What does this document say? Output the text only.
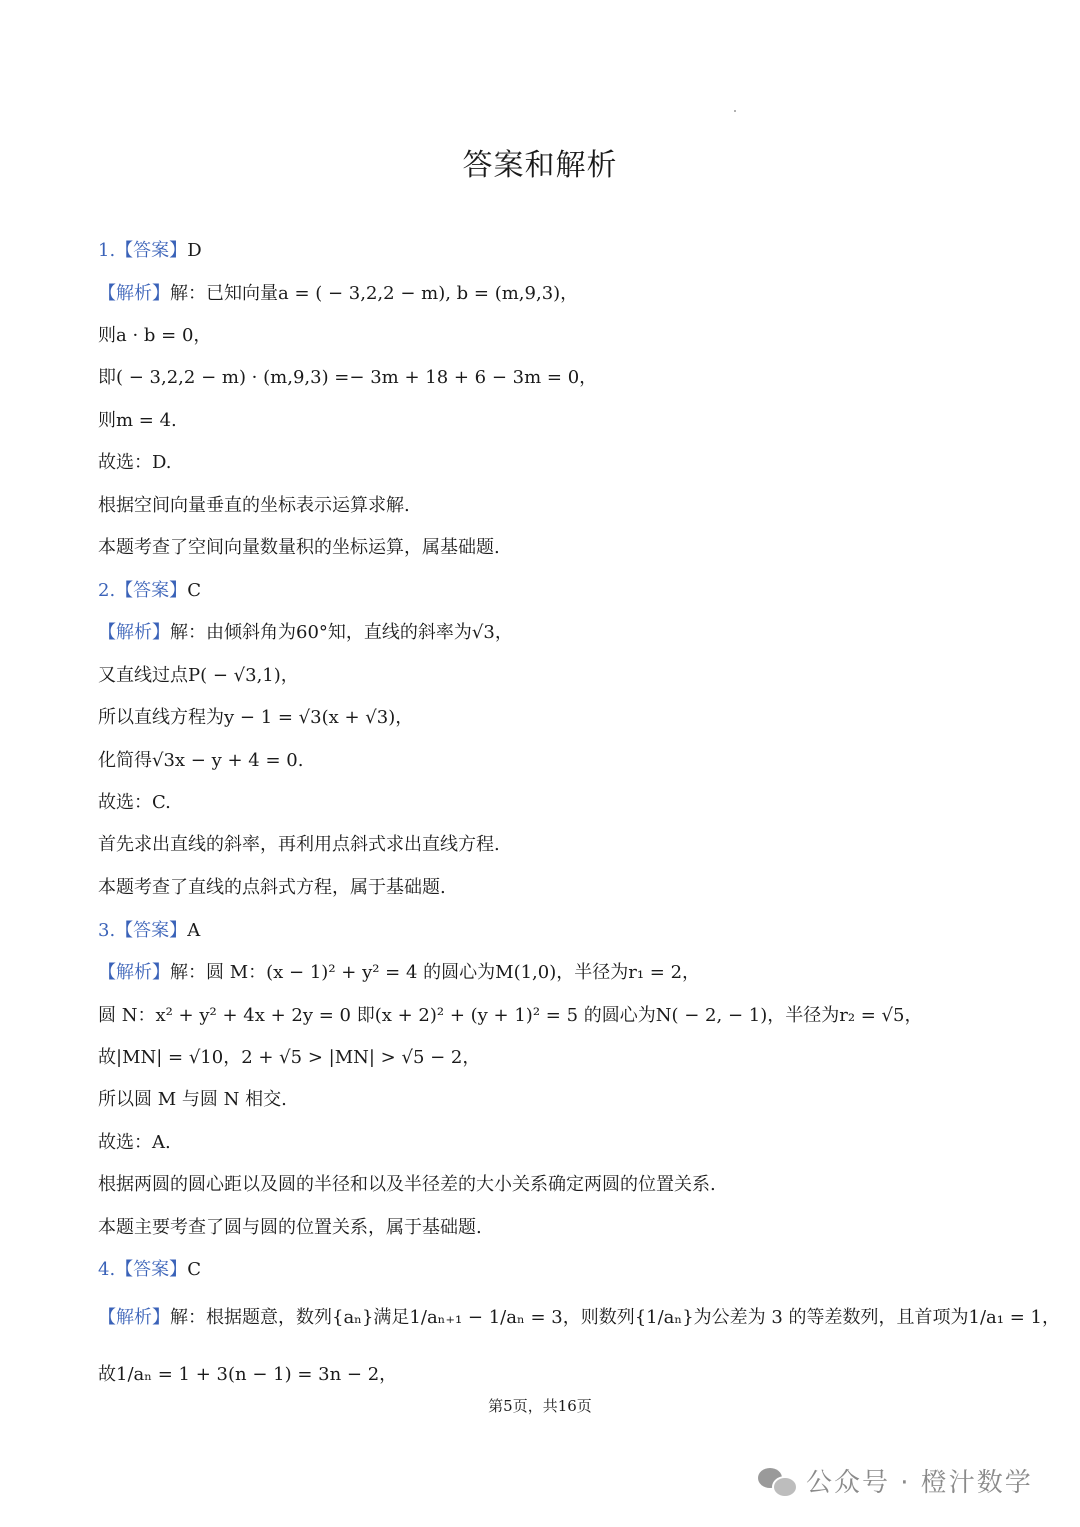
答案和解析
1.【答案】D
【解析】解：已知向量a = ( − 3,2,2 − m), b = (m,9,3)，
则a · b = 0，
即( − 3,2,2 − m) · (m,9,3) =− 3m + 18 + 6 − 3m = 0，
则m = 4.
故选：D.
根据空间向量垂直的坐标表示运算求解.
本题考查了空间向量数量积的坐标运算，属基础题.
2.【答案】C
【解析】解：由倾斜角为60°知，直线的斜率为√3，
又直线过点P( − √3,1)，
所以直线方程为y − 1 = √3(x + √3)，
化简得√3x − y + 4 = 0.
故选：C.
首先求出直线的斜率，再利用点斜式求出直线方程.
本题考查了直线的点斜式方程，属于基础题.
3.【答案】A
【解析】解：圆 M：(x − 1)² + y² = 4 的圆心为M(1,0)，半径为r₁ = 2，
圆 N：x² + y² + 4x + 2y = 0 即(x + 2)² + (y + 1)² = 5 的圆心为N( − 2, − 1)，半径为r₂ = √5，
故|MN| = √10，2 + √5 > |MN| > √5 − 2，
所以圆 M 与圆 N 相交.
故选：A.
根据两圆的圆心距以及圆的半径和以及半径差的大小关系确定两圆的位置关系.
本题主要考查了圆与圆的位置关系，属于基础题.
4.【答案】C
【解析】解：根据题意，数列{aₙ}满足1/aₙ₊₁ − 1/aₙ = 3，则数列{1/aₙ}为公差为 3 的等差数列，且首项为1/a₁ = 1，
故1/aₙ = 1 + 3(n − 1) = 3n − 2，
第5页，共16页
公众号 · 橙汁数学
